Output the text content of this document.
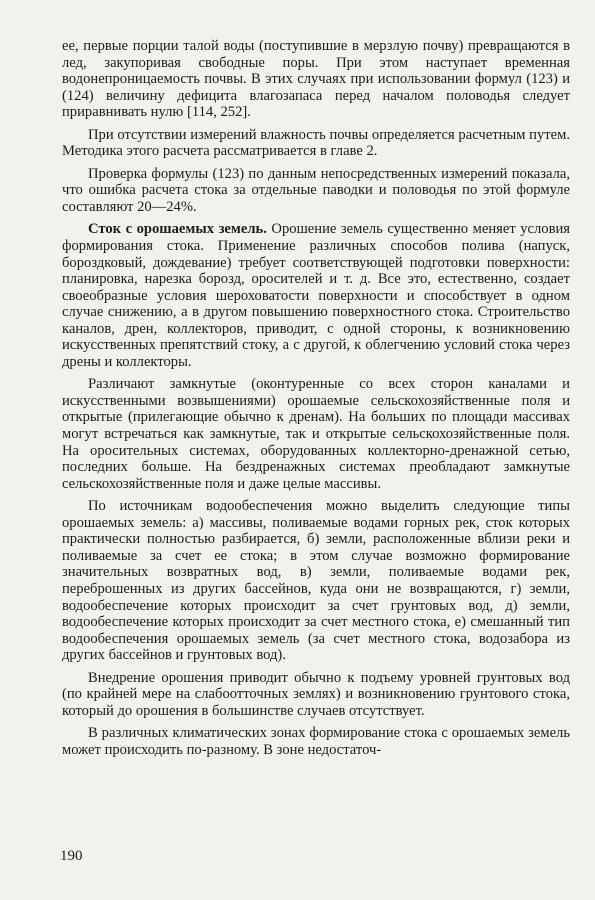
ее, первые порции талой воды (поступившие в мерзлую почву) превращаются в лед, закупоривая свободные поры. При этом наступает временная водонепроницаемость почвы. В этих случаях при использовании формул (123) и (124) величину дефицита влагозапаса перед началом половодья следует приравнивать нулю [114, 252].

При отсутствии измерений влажность почвы определяется расчетным путем. Методика этого расчета рассматривается в главе 2.

Проверка формулы (123) по данным непосредственных измерений показала, что ошибка расчета стока за отдельные паводки и половодья по этой формуле составляют 20—24%.

Сток с орошаемых земель. Орошение земель существенно меняет условия формирования стока. Применение различных способов полива (напуск, бороздковый, дождевание) требует соответствующей подготовки поверхности: планировка, нарезка борозд, оросителей и т. д. Все это, естественно, создает своеобразные условия шероховатости поверхности и способствует в одном случае снижению, а в другом повышению поверхностного стока. Строительство каналов, дрен, коллекторов, приводит, с одной стороны, к возникновению искусственных препятствий стоку, а с другой, к облегчению условий стока через дрены и коллекторы.

Различают замкнутые (оконтуренные со всех сторон каналами и искусственными возвышениями) орошаемые сельскохозяйственные поля и открытые (прилегающие обычно к дренам). На больших по площади массивах могут встречаться как замкнутые, так и открытые сельскохозяйственные поля. На оросительных системах, оборудованных коллекторно-дренажной сетью, последних больше. На бездренажных системах преобладают замкнутые сельскохозяйственные поля и даже целые массивы.

По источникам водообеспечения можно выделить следующие типы орошаемых земель: а) массивы, поливаемые водами горных рек, сток которых практически полностью разбирается, б) земли, расположенные вблизи реки и поливаемые за счет ее стока; в этом случае возможно формирование значительных возвратных вод, в) земли, поливаемые водами рек, переброшенных из других бассейнов, куда они не возвращаются, г) земли, водообеспечение которых происходит за счет грунтовых вод, д) земли, водообеспечение которых происходит за счет местного стока, е) смешанный тип водообеспечения орошаемых земель (за счет местного стока, водозабора из других бассейнов и грунтовых вод).

Внедрение орошения приводит обычно к подъему уровней грунтовых вод (по крайней мере на слабоотточных землях) и возникновению грунтового стока, который до орошения в большинстве случаев отсутствует.

В различных климатических зонах формирование стока с орошаемых земель может происходить по-разному. В зоне недостаточ-

190
